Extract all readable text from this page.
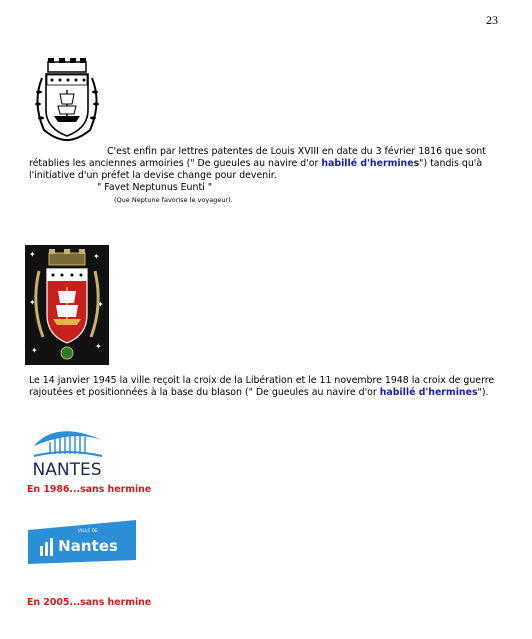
23
C'est enfin par lettres patentes de Louis XVIII en date du 3 février 1816 que sont
rétablies les anciennes armoiries (" De gueules au navire d'or habillé d'hermines") tandis qu'à
l'initiative d'un préfet la devise change pour devenir.
" Favet Neptunus Eunti "
(Que Neptune favorise le voyageur).
✦	✦
✦	✦
✦	✦
Le 14 janvier 1945 la ville reçoit la croix de la Libération et le 11 novembre 1948 la croix de guerre
rajoutées et positionnées à la base du blason (" De gueules au navire d'or habillé d'hermines").
NANTES
En 1986...sans hermine
VILLE DE
Nantes
En 2005...sans hermine
